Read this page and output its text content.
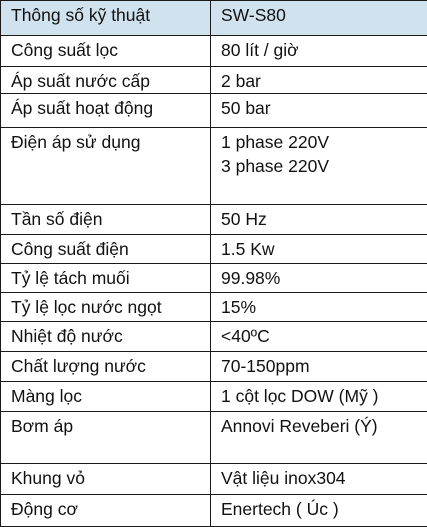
Thông số kỹ thuật	SW-S80
Công suất lọc	80 lít / giờ
Áp suất nước cấp	2 bar
Áp suất hoạt động	50 bar
Điện áp sử dụng	1 phase 220V
3 phase 220V

Tần số điện	50 Hz
Công suất điện	1.5 Kw
Tỷ lệ tách muối	99.98%
Tỷ lệ lọc nước ngọt	15%
Nhiệt độ nước	<40ºC
Chất lượng nước	70-150ppm
Màng lọc	1 cột lọc DOW (Mỹ )
Bơm áp	Annovi Reveberi (Ý)
Khung vỏ	Vật liệu inox304
Động cơ	Enertech ( Úc )
